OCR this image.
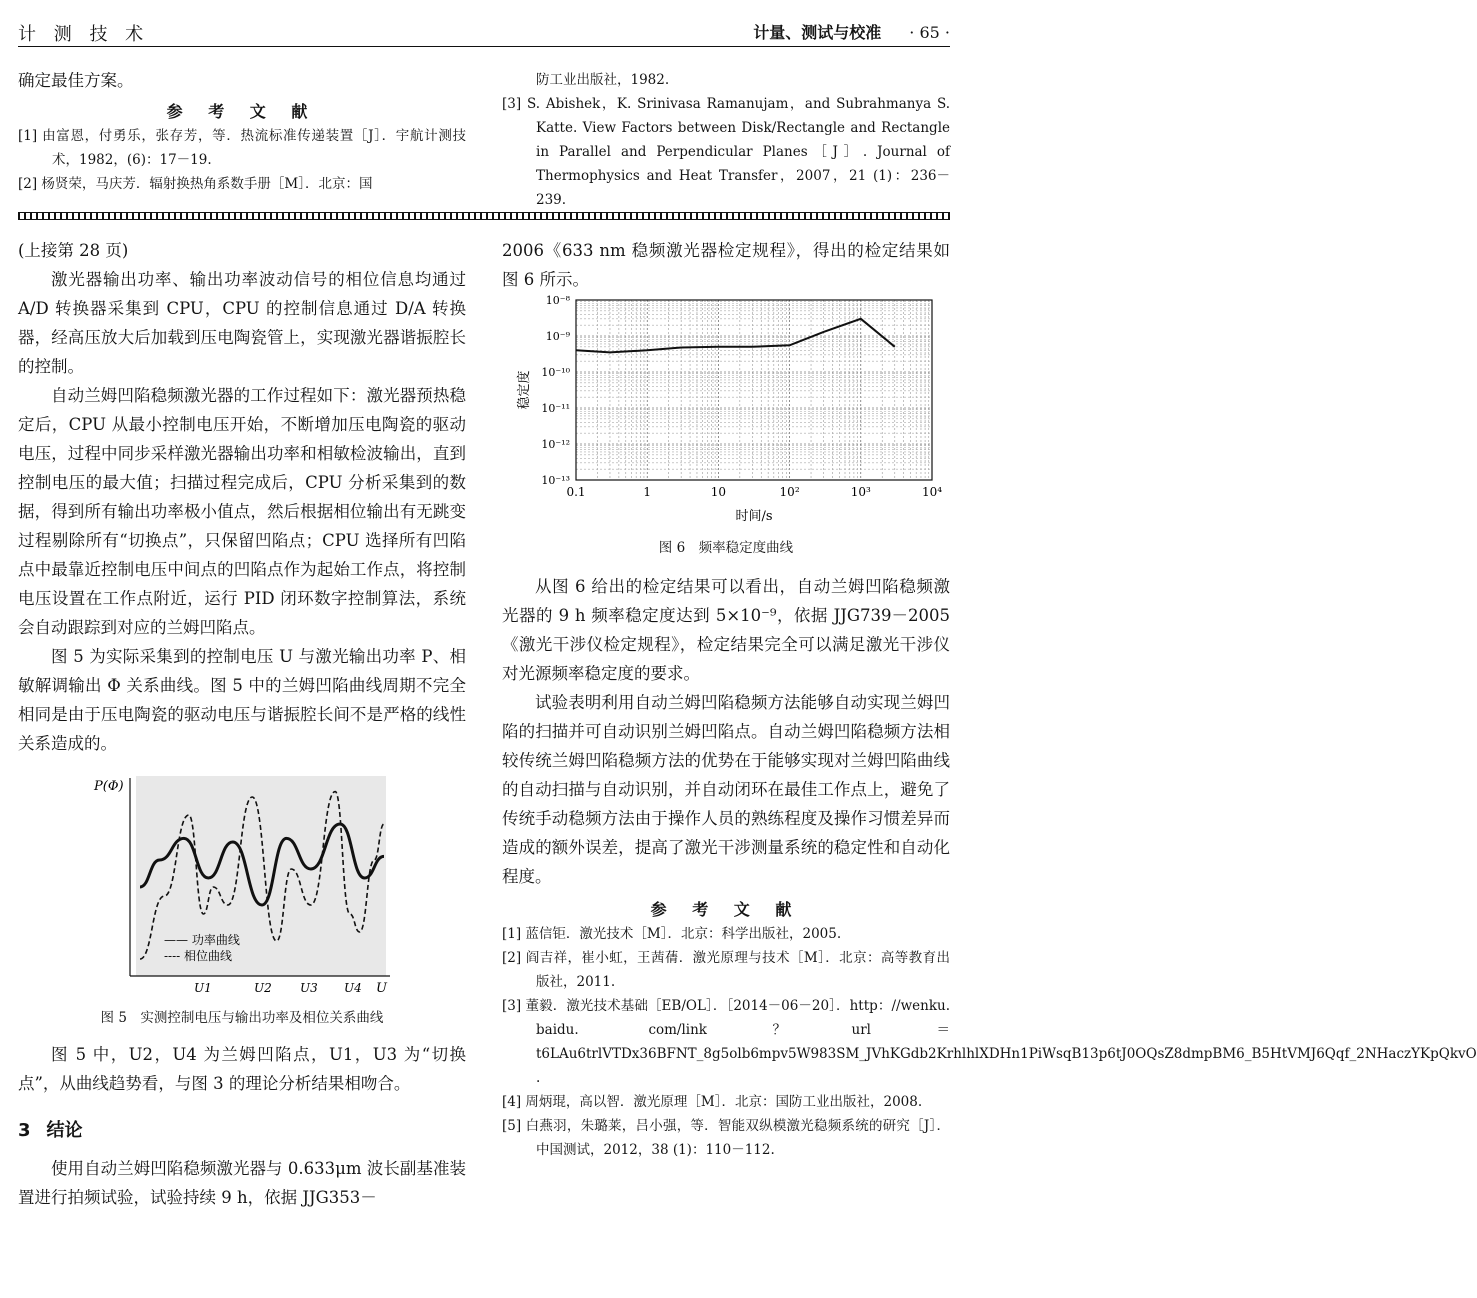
计 测 技 术	计量、测试与校准 · 65 ·

确定最佳方案。

参 考 文 献

[1] 由富恩，付勇乐，张存芳，等．热流标准传递装置［J］．宇航计测技术，1982，(6)：17－19.

[2] 杨贤荣，马庆芳．辐射换热角系数手册［M］．北京：国

防工业出版社，1982.

[3] S. Abishek，K. Srinivasa Ramanujam，and Subrahmanya S. Katte. View Factors between Disk/Rectangle and Rectangle in Parallel and Perpendicular Planes［J］. Journal of Thermophysics and Heat Transfer，2007，21 (1)：236－239.

(上接第 28 页)

激光器输出功率、输出功率波动信号的相位信息均通过 A/D 转换器采集到 CPU，CPU 的控制信息通过 D/A 转换器，经高压放大后加载到压电陶瓷管上，实现激光器谐振腔长的控制。

自动兰姆凹陷稳频激光器的工作过程如下：激光器预热稳定后，CPU 从最小控制电压开始，不断增加压电陶瓷的驱动电压，过程中同步采样激光器输出功率和相敏检波输出，直到控制电压的最大值；扫描过程完成后，CPU 分析采集到的数据，得到所有输出功率极小值点，然后根据相位输出有无跳变过程剔除所有“切换点”，只保留凹陷点；CPU 选择所有凹陷点中最靠近控制电压中间点的凹陷点作为起始工作点，将控制电压设置在工作点附近，运行 PID 闭环数字控制算法，系统会自动跟踪到对应的兰姆凹陷点。

图 5 为实际采集到的控制电压 U 与激光输出功率 P、相敏解调输出 Φ 关系曲线。图 5 中的兰姆凹陷曲线周期不完全相同是由于压电陶瓷的驱动电压与谐振腔长间不是严格的线性关系造成的。

P(Φ)
U
U1	U2 U3 U4
—— 功率曲线
---- 相位曲线
图 5　实测控制电压与输出功率及相位关系曲线

图 5 中，U2，U4 为兰姆凹陷点，U1，U3 为“切换点”，从曲线趋势看，与图 3 的理论分析结果相吻合。

3 结论

使用自动兰姆凹陷稳频激光器与 0.633μm 波长副基准装置进行拍频试验，试验持续 9 h，依据 JJG353－

2006《633 nm 稳频激光器检定规程》，得出的检定结果如图 6 所示。

10⁻⁸
10⁻⁹
10⁻¹⁰
10⁻¹¹
10⁻¹²
10⁻¹³
0.1	1	10	10²	10³	10⁴
稳定度
时间/s
图 6　频率稳定度曲线

从图 6 给出的检定结果可以看出，自动兰姆凹陷稳频激光器的 9 h 频率稳定度达到 5×10⁻⁹，依据 JJG739－2005《激光干涉仪检定规程》，检定结果完全可以满足激光干涉仪对光源频率稳定度的要求。

试验表明利用自动兰姆凹陷稳频方法能够自动实现兰姆凹陷的扫描并可自动识别兰姆凹陷点。自动兰姆凹陷稳频方法相较传统兰姆凹陷稳频方法的优势在于能够实现对兰姆凹陷曲线的自动扫描与自动识别，并自动闭环在最佳工作点上，避免了传统手动稳频方法由于操作人员的熟练程度及操作习惯差异而造成的额外误差，提高了激光干涉测量系统的稳定性和自动化程度。

参 考 文 献

[1] 蓝信钜．激光技术［M］．北京：科学出版社，2005.

[2] 阎吉祥，崔小虹，王茜蒨．激光原理与技术［M］．北京：高等教育出版社，2011.

[3] 董毅．激光技术基础［EB/OL］．［2014－06－20］．http：//wenku. baidu. com/link？url＝t6LAu6trlVTDx36BFNT_8g5olb6mpv5W983SM_JVhKGdb2KrhlhlXDHn1PiWsqB13p6tJ0OQsZ8dmpBM6_B5HtVMJ6Qqf_2NHaczYKpQkvO .

[4] 周炳琨，高以智．激光原理［M］．北京：国防工业出版社，2008.

[5] 白燕羽，朱璐莱，吕小强，等．智能双纵模激光稳频系统的研究［J］．中国测试，2012，38 (1)：110－112.
